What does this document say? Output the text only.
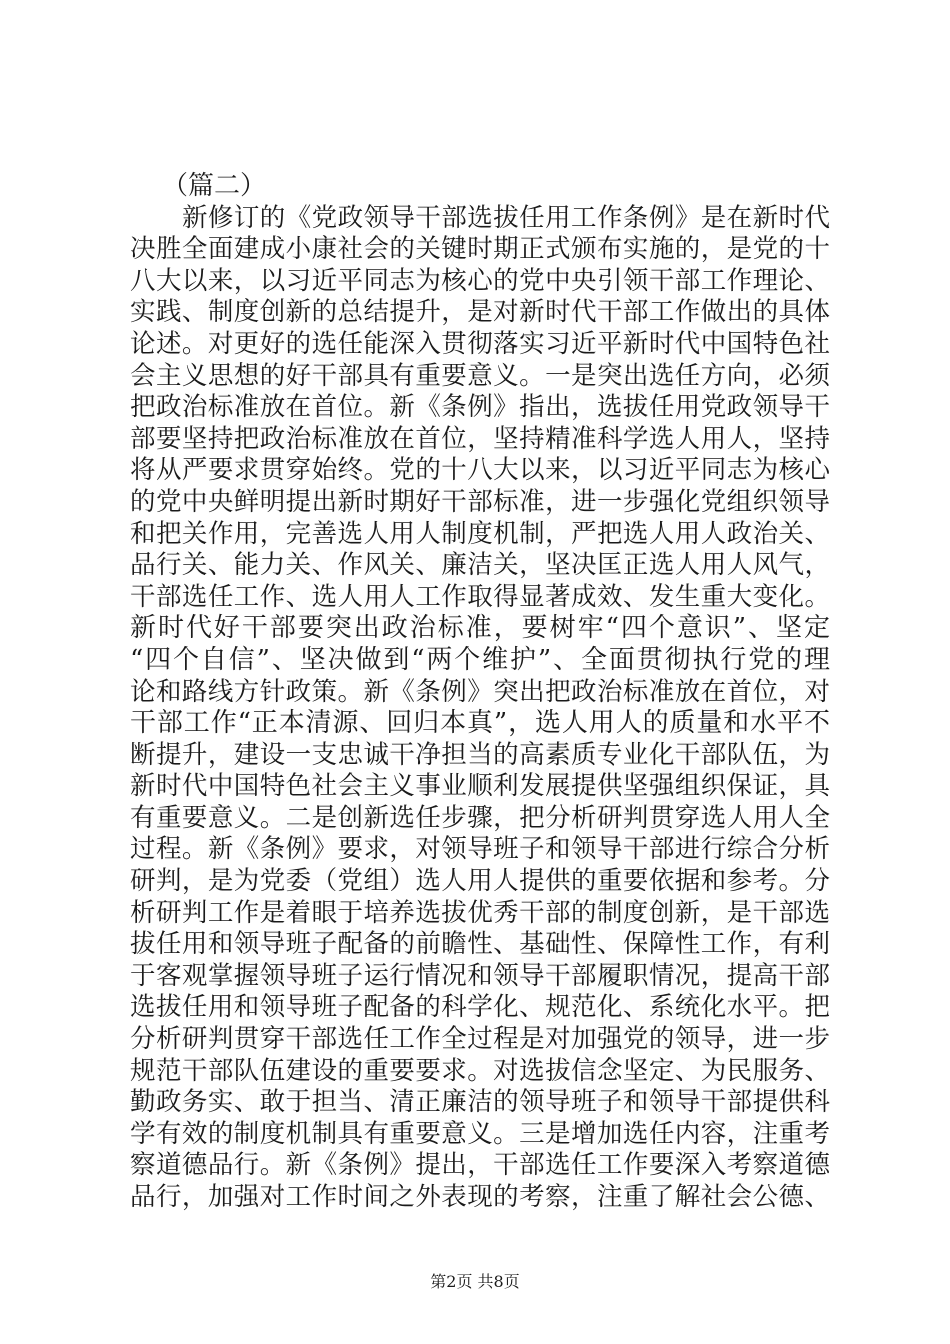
（篇二）
新修订的《党政领导干部选拔任用工作条例》是在新时代
决胜全面建成小康社会的关键时期正式颁布实施的，是党的十
八大以来，以习近平同志为核心的党中央引领干部工作理论、
实践、制度创新的总结提升，是对新时代干部工作做出的具体
论述。对更好的选任能深入贯彻落实习近平新时代中国特色社
会主义思想的好干部具有重要意义。一是突出选任方向，必须
把政治标准放在首位。新《条例》指出，选拔任用党政领导干
部要坚持把政治标准放在首位，坚持精准科学选人用人，坚持
将从严要求贯穿始终。党的十八大以来，以习近平同志为核心
的党中央鲜明提出新时期好干部标准，进一步强化党组织领导
和把关作用，完善选人用人制度机制，严把选人用人政治关、
品行关、能力关、作风关、廉洁关，坚决匡正选人用人风气，
干部选任工作、选人用人工作取得显著成效、发生重大变化。
新时代好干部要突出政治标准，要树牢“四个意识”、坚定
“四个自信”、坚决做到“两个维护”、全面贯彻执行党的理
论和路线方针政策。新《条例》突出把政治标准放在首位，对
干部工作“正本清源、回归本真”，选人用人的质量和水平不
断提升，建设一支忠诚干净担当的高素质专业化干部队伍，为
新时代中国特色社会主义事业顺利发展提供坚强组织保证，具
有重要意义。二是创新选任步骤，把分析研判贯穿选人用人全
过程。新《条例》要求，对领导班子和领导干部进行综合分析
研判，是为党委（党组）选人用人提供的重要依据和参考。分
析研判工作是着眼于培养选拔优秀干部的制度创新，是干部选
拔任用和领导班子配备的前瞻性、基础性、保障性工作，有利
于客观掌握领导班子运行情况和领导干部履职情况，提高干部
选拔任用和领导班子配备的科学化、规范化、系统化水平。把
分析研判贯穿干部选任工作全过程是对加强党的领导，进一步
规范干部队伍建设的重要要求。对选拔信念坚定、为民服务、
勤政务实、敢于担当、清正廉洁的领导班子和领导干部提供科
学有效的制度机制具有重要意义。三是增加选任内容，注重考
察道德品行。新《条例》提出，干部选任工作要深入考察道德
品行，加强对工作时间之外表现的考察，注重了解社会公德、
第2页 共8页
